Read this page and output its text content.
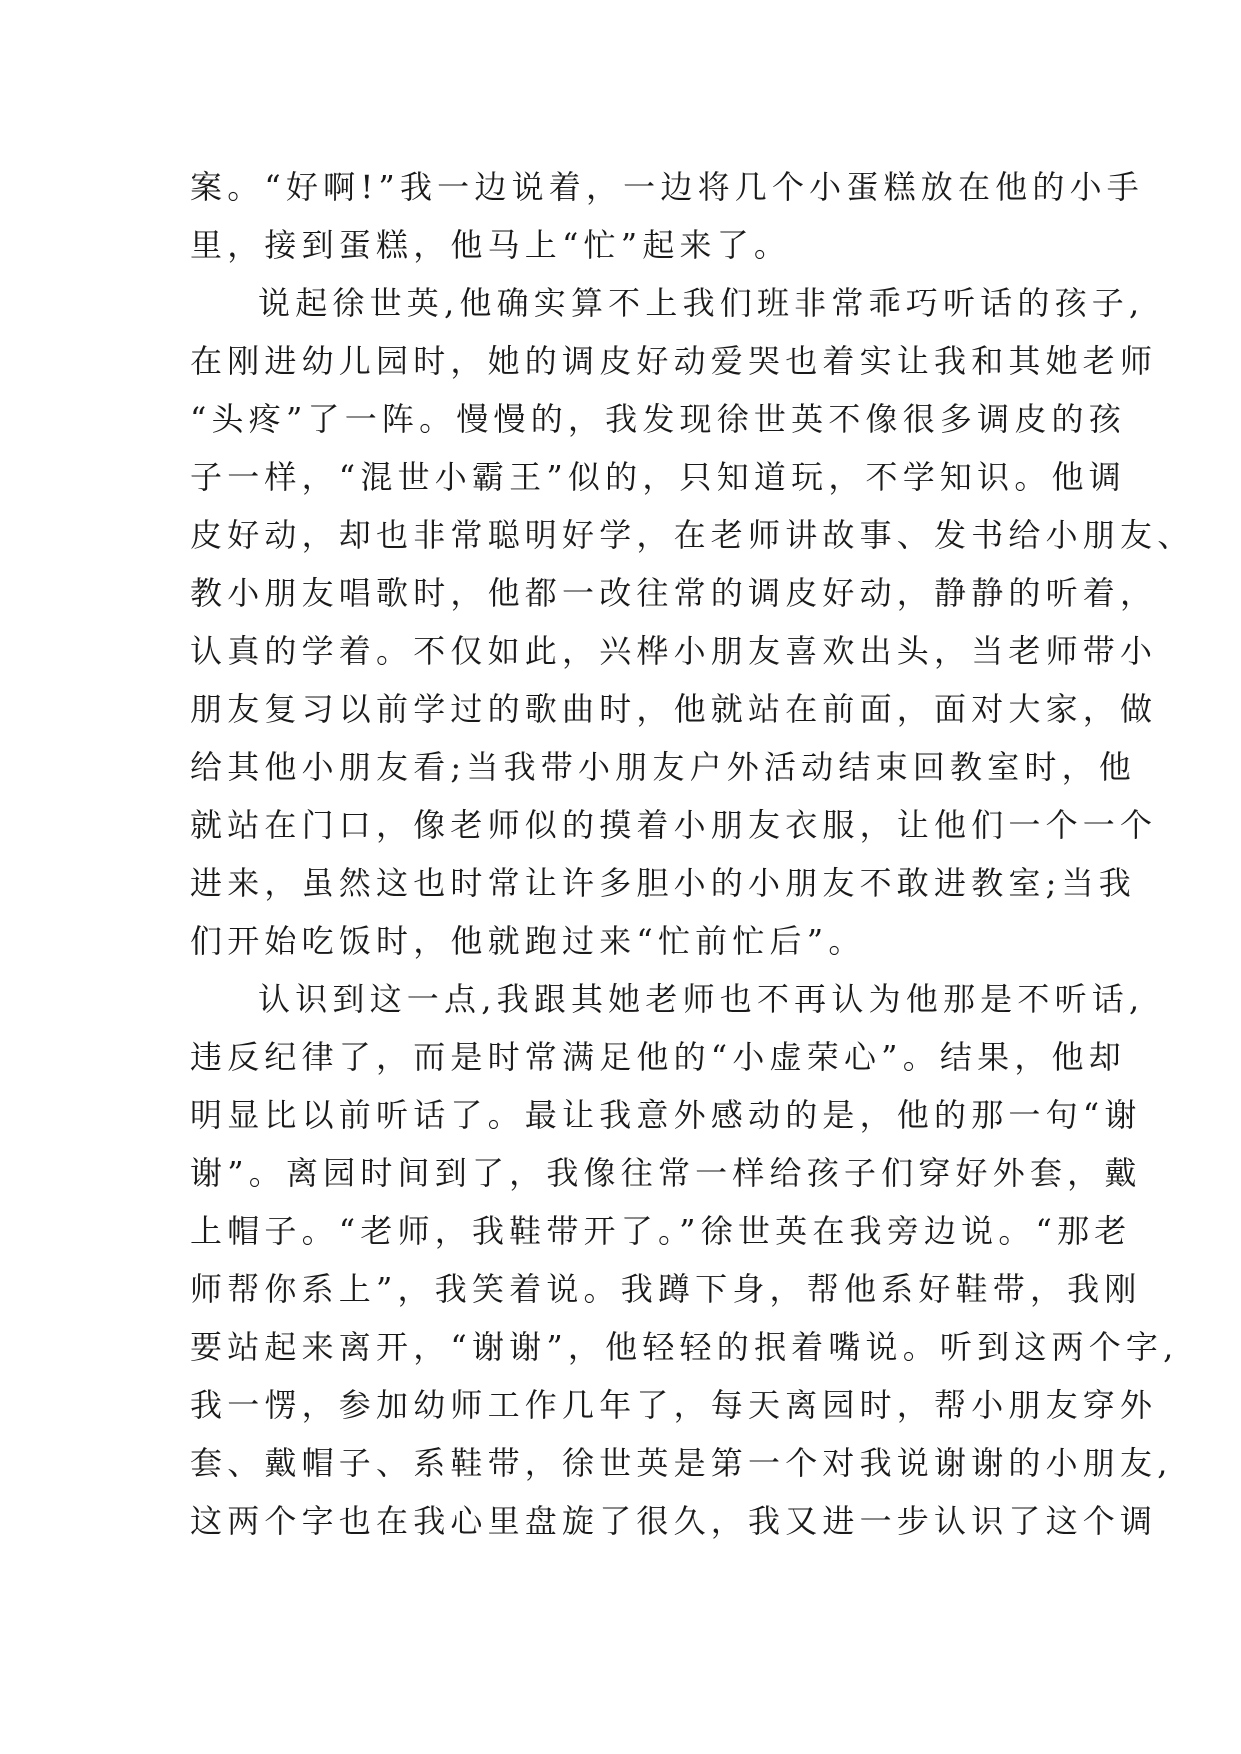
案。“好啊!”我一边说着，一边将几个小蛋糕放在他的小手
里，接到蛋糕，他马上“忙”起来了。

说起徐世英,他确实算不上我们班非常乖巧听话的孩子,
在刚进幼儿园时，她的调皮好动爱哭也着实让我和其她老师
“头疼”了一阵。慢慢的，我发现徐世英不像很多调皮的孩
子一样，“混世小霸王”似的，只知道玩，不学知识。他调
皮好动，却也非常聪明好学，在老师讲故事、发书给小朋友、
教小朋友唱歌时，他都一改往常的调皮好动，静静的听着，
认真的学着。不仅如此，兴桦小朋友喜欢出头，当老师带小
朋友复习以前学过的歌曲时，他就站在前面，面对大家，做
给其他小朋友看;当我带小朋友户外活动结束回教室时，他
就站在门口，像老师似的摸着小朋友衣服，让他们一个一个
进来，虽然这也时常让许多胆小的小朋友不敢进教室;当我
们开始吃饭时，他就跑过来“忙前忙后”。

认识到这一点,我跟其她老师也不再认为他那是不听话,
违反纪律了，而是时常满足他的“小虚荣心”。结果，他却
明显比以前听话了。最让我意外感动的是，他的那一句“谢
谢”。离园时间到了，我像往常一样给孩子们穿好外套，戴
上帽子。“老师，我鞋带开了。”徐世英在我旁边说。“那老
师帮你系上”，我笑着说。我蹲下身，帮他系好鞋带，我刚
要站起来离开，“谢谢”，他轻轻的抿着嘴说。听到这两个字,
我一愣，参加幼师工作几年了，每天离园时，帮小朋友穿外
套、戴帽子、系鞋带，徐世英是第一个对我说谢谢的小朋友,
这两个字也在我心里盘旋了很久，我又进一步认识了这个调
